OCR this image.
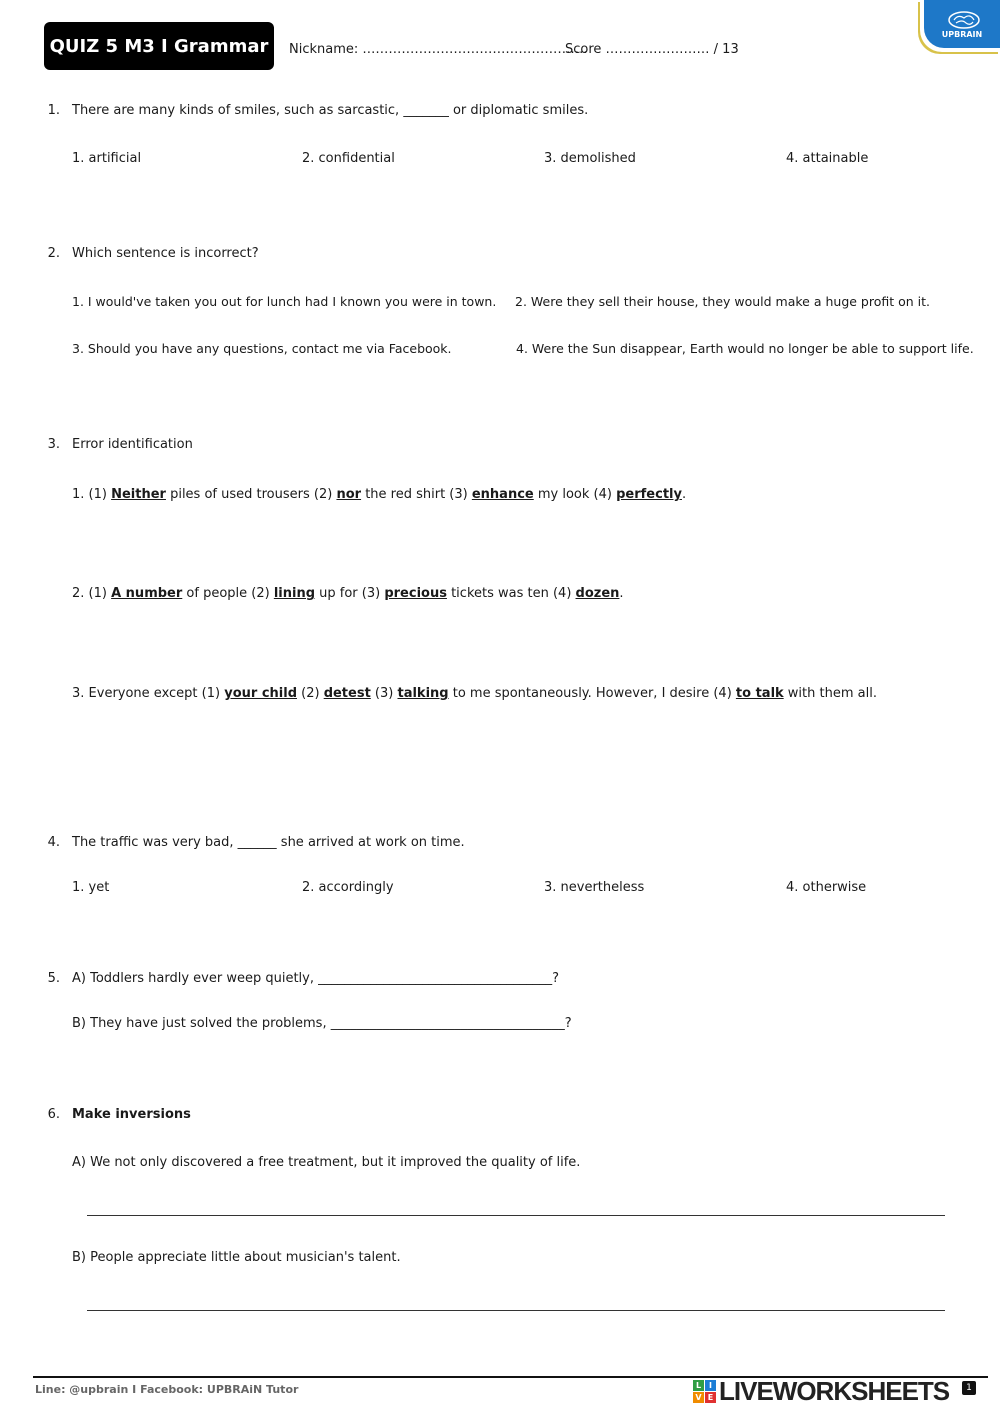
QUIZ 5 M3 I Grammar	Nickname: …………………………………………….
Score …………………… / 13
UPBRAIN
1. There are many kinds of smiles, such as sarcastic, _______ or diplomatic smiles.
1. artificial	2. confidential	3. demolished	4. attainable
2. Which sentence is incorrect?
1. I would've taken you out for lunch had I known you were in town. 2. Were they sell their house, they would make a huge profit on it.
3. Should you have any questions, contact me via Facebook.	4. Were the Sun disappear, Earth would no longer be able to support life.
3. Error identification
1. (1) Neither piles of used trousers (2) nor the red shirt (3) enhance my look (4) perfectly.
2. (1) A number of people (2) lining up for (3) precious tickets was ten (4) dozen.
3. Everyone except (1) your child (2) detest (3) talking to me spontaneously. However, I desire (4) to talk with them all.
4. The traffic was very bad, ______ she arrived at work on time.
1. yet	2. accordingly	3. nevertheless	4. otherwise
5. A) Toddlers hardly ever weep quietly, ____________________________________?
B) They have just solved the problems, ____________________________________?
6. Make inversions
A) We not only discovered a free treatment, but it improved the quality of life.
B) People appreciate little about musician's talent.
Line: @upbrain I Facebook: UPBRAiN Tutor	L I
V E LIVEWORKSHEETS	1
